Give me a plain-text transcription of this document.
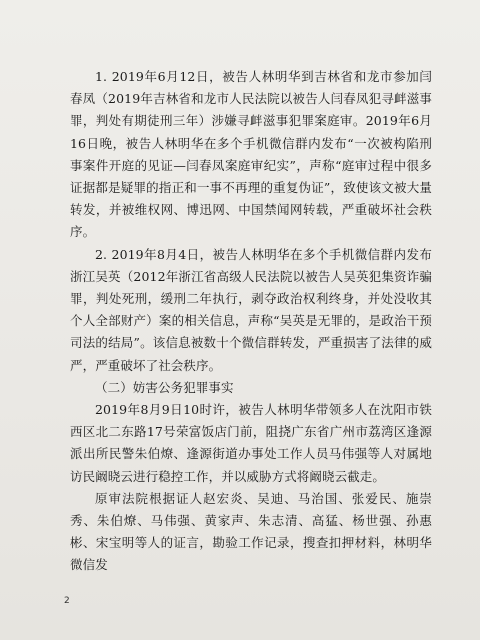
1. 2019年6月12日，被告人林明华到吉林省和龙市参加闫春凤（2019年吉林省和龙市人民法院以被告人闫春凤犯寻衅滋事罪，判处有期徒刑三年）涉嫌寻衅滋事犯罪案庭审。2019年6月16日晚，被告人林明华在多个手机微信群内发布“一次被构陷刑事案件开庭的见证—闫春凤案庭审纪实”，声称“庭审过程中很多证据都是疑罪的指正和一事不再理的重复伪证”，致使该文被大量转发，并被维权网、博迅网、中国禁闻网转载，严重破坏社会秩序。

2. 2019年8月4日，被告人林明华在多个手机微信群内发布浙江吴英（2012年浙江省高级人民法院以被告人吴英犯集资诈骗罪，判处死刑，缓刑二年执行，剥夺政治权利终身，并处没收其个人全部财产）案的相关信息，声称“吴英是无罪的，是政治干预司法的结局”。该信息被数十个微信群转发，严重损害了法律的威严，严重破坏了社会秩序。

（二）妨害公务犯罪事实

2019年8月9日10时许，被告人林明华带领多人在沈阳市铁西区北二东路17号荣富饭店门前，阻挠广东省广州市荔湾区逢源派出所民警朱伯燎、逢源街道办事处工作人员马伟强等人对属地访民阚晓云进行稳控工作，并以威胁方式将阚晓云截走。

原审法院根据证人赵宏炎、吴迪、马治国、张爱民、施崇秀、朱伯燎、马伟强、黄家声、朱志清、高猛、杨世强、孙惠彬、宋宝明等人的证言，勘验工作记录，搜查扣押材料，林明华微信发

2
